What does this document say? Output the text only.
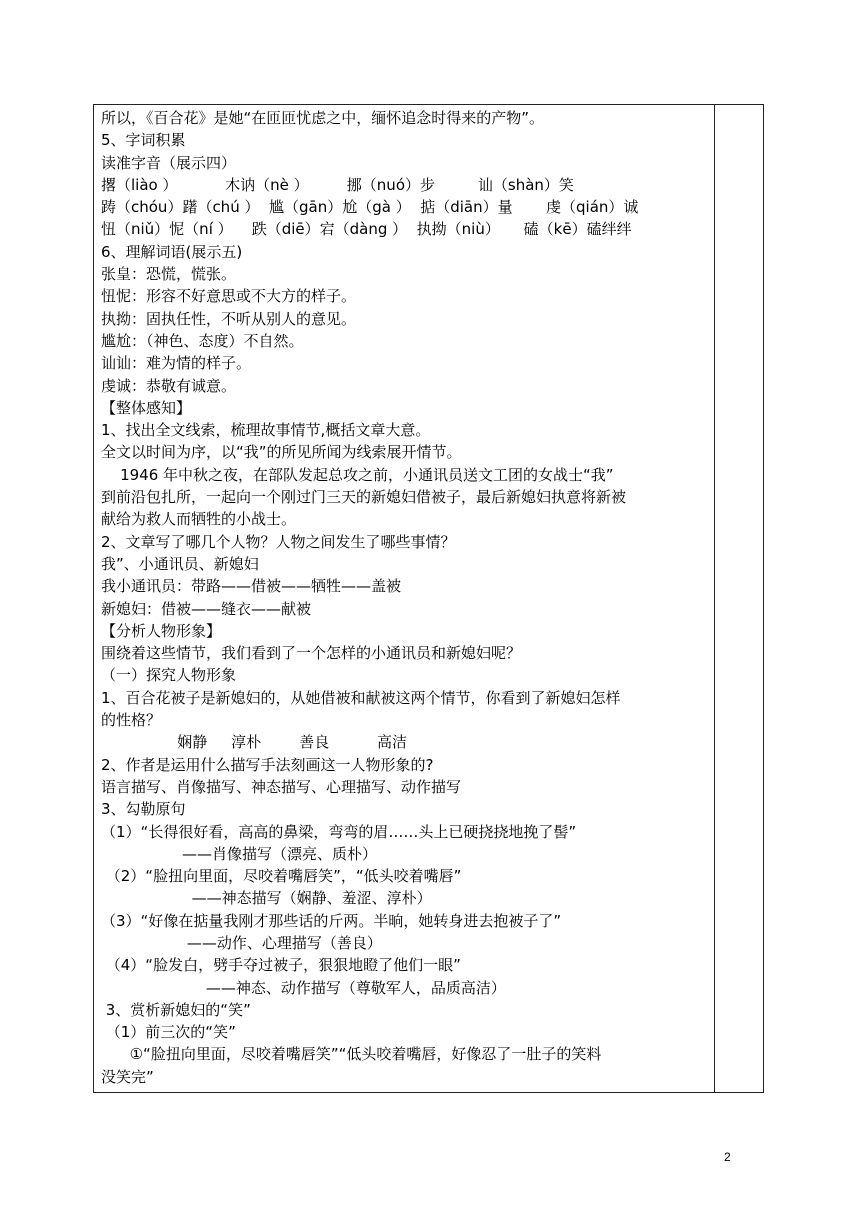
所以，《百合花》是她“在匝匝忧虑之中，缅怀追念时得来的产物”。
5、字词积累
读准字音（展示四）
撂（liào ）          木讷（nè ）        挪（nuó）步         讪（shàn）笑
踌（chóu）躇（chú ）  尴（gān）尬（gà ）  掂（diān）量       虔（qián）诚
忸（niǔ）怩（ní ）    跌（diē）宕（dàng ）  执拗（niù）     磕（kē）磕绊绊
6、理解词语(展示五)
张皇：恐慌，慌张。
忸怩：形容不好意思或不大方的样子。
执拗：固执任性，不听从别人的意见。
尴尬：（神色、态度）不自然。
讪讪：难为情的样子。
虔诚：恭敬有诚意。
【整体感知】
1、找出全文线索，梳理故事情节,概括文章大意。
全文以时间为序，以“我”的所见所闻为线索展开情节。
1946 年中秋之夜，在部队发起总攻之前，小通讯员送文工团的女战士“我”
到前沿包扎所，一起向一个刚过门三天的新媳妇借被子，最后新媳妇执意将新被
献给为救人而牺牲的小战士。
2、文章写了哪几个人物？人物之间发生了哪些事情？
我”、小通讯员、新媳妇
我小通讯员：带路——借被——牺牲——盖被
新媳妇：借被——缝衣——献被
【分析人物形象】
围绕着这些情节，我们看到了一个怎样的小通讯员和新媳妇呢？
（一）探究人物形象
1、百合花被子是新媳妇的，从她借被和献被这两个情节，你看到了新媳妇怎样
的性格？
娴静     淳朴        善良          高洁
2、作者是运用什么描写手法刻画这一人物形象的?
语言描写、肖像描写、神态描写、心理描写、动作描写
3、勾勒原句
（1）“长得很好看，高高的鼻梁，弯弯的眉……头上已硬挠挠地挽了髻”
——肖像描写（漂亮、质朴）
（2）“脸扭向里面，尽咬着嘴唇笑”，“低头咬着嘴唇”
——神态描写（娴静、羞涩、淳朴）
（3）“好像在掂量我刚才那些话的斤两。半晌，她转身进去抱被子了”
——动作、心理描写（善良）
（4）“脸发白，劈手夺过被子，狠狠地瞪了他们一眼”
——神态、动作描写（尊敬军人，品质高洁）
3、赏析新媳妇的“笑”
（1）前三次的“笑”
①“脸扭向里面，尽咬着嘴唇笑”“低头咬着嘴唇，好像忍了一肚子的笑料
没笑完”
2
